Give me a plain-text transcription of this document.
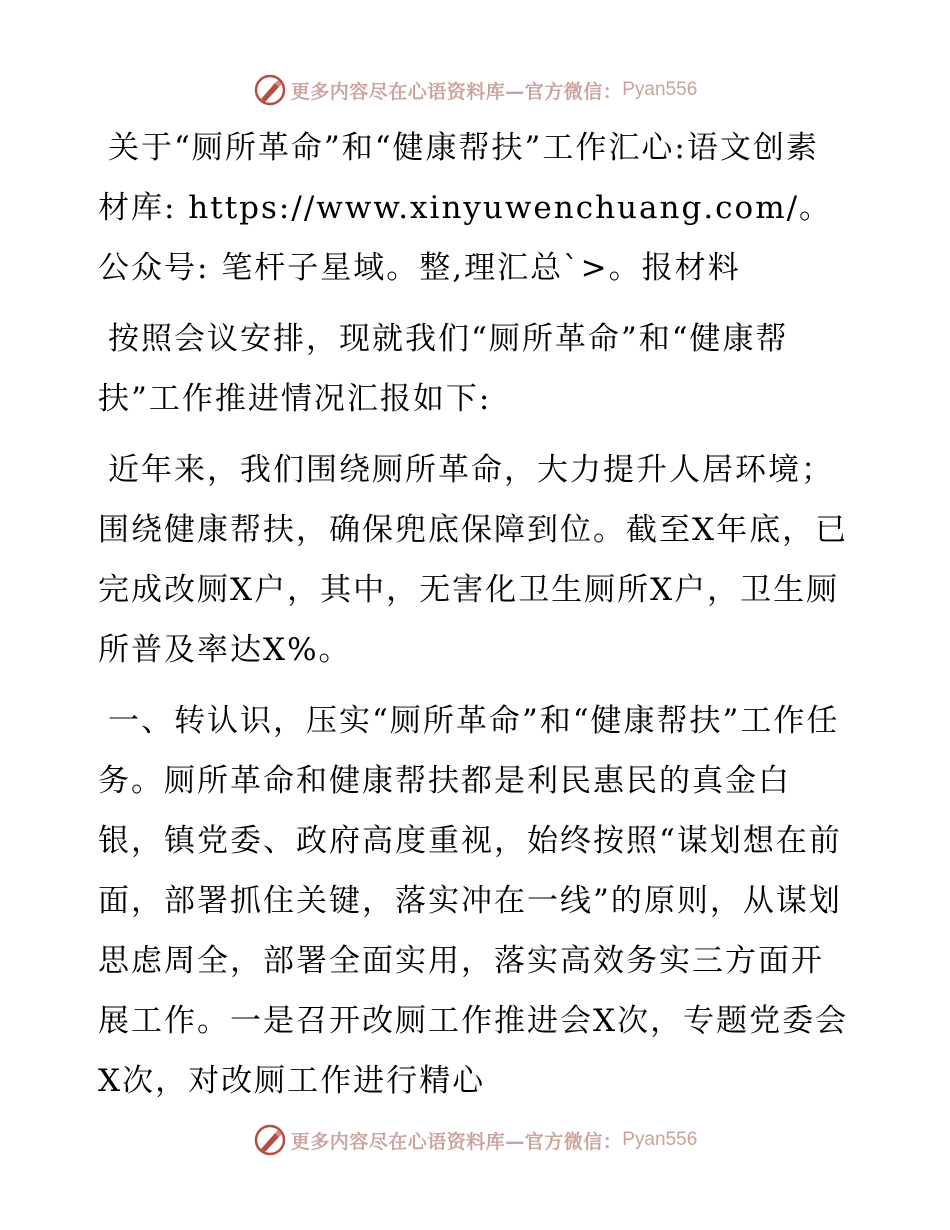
更多内容尽在心语资料库—官方微信： Pyan556

关于“厕所革命”和“健康帮扶”工作汇心:语文创素材库: https://www.xinyuwenchuang.com/。公众号: 笔杆子星域。整,理汇总`>。报材料

按照会议安排，现就我们“厕所革命”和“健康帮扶”工作推进情况汇报如下:

近年来，我们围绕厕所革命，大力提升人居环境；围绕健康帮扶，确保兜底保障到位。截至X年底，已完成改厕X户，其中，无害化卫生厕所X户，卫生厕所普及率达X%。

一、转认识，压实“厕所革命”和“健康帮扶”工作任务。厕所革命和健康帮扶都是利民惠民的真金白银，镇党委、政府高度重视，始终按照“谋划想在前面，部署抓住关键，落实冲在一线”的原则，从谋划思虑周全，部署全面实用，落实高效务实三方面开展工作。一是召开改厕工作推进会X次，专题党委会X次，对改厕工作进行精心

更多内容尽在心语资料库—官方微信： Pyan556
